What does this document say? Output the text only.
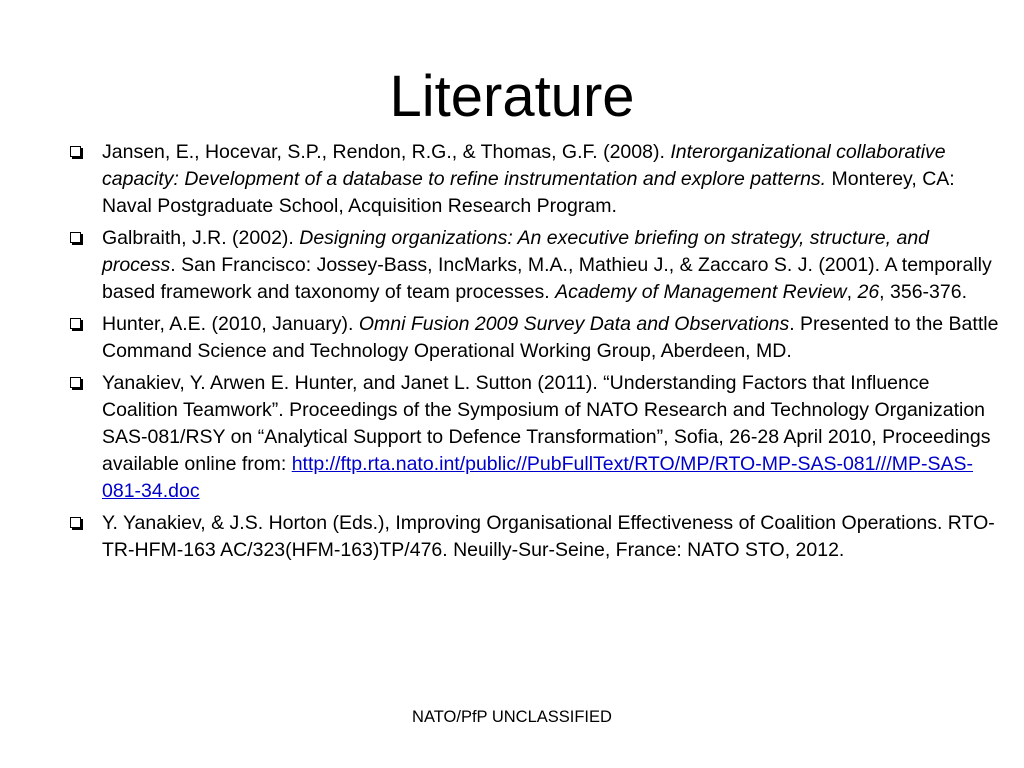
Literature
Jansen, E., Hocevar, S.P., Rendon, R.G., & Thomas, G.F. (2008). Interorganizational collaborative capacity: Development of a database to refine instrumentation and explore patterns. Monterey, CA: Naval Postgraduate School, Acquisition Research Program.
Galbraith, J.R. (2002). Designing organizations: An executive briefing on strategy, structure, and process. San Francisco: Jossey-Bass, IncMarks, M.A., Mathieu J., & Zaccaro S. J. (2001). A temporally based framework and taxonomy of team processes. Academy of Management Review, 26, 356-376.
Hunter, A.E. (2010, January). Omni Fusion 2009 Survey Data and Observations. Presented to the Battle Command Science and Technology Operational Working Group, Aberdeen, MD.
Yanakiev, Y. Arwen E. Hunter, and Janet L. Sutton (2011). “Understanding Factors that Influence Coalition Teamwork”. Proceedings of the Symposium of NATO Research and Technology Organization SAS-081/RSY on “Analytical Support to Defence Transformation”, Sofia, 26-28 April 2010, Proceedings available online from: http://ftp.rta.nato.int/public//PubFullText/RTO/MP/RTO-MP-SAS-081///MP-SAS-081-34.doc
Y. Yanakiev, & J.S. Horton (Eds.), Improving Organisational Effectiveness of Coalition Operations. RTO-TR-HFM-163 AC/323(HFM-163)TP/476. Neuilly-Sur-Seine, France: NATO STO, 2012.
NATO/PfP UNCLASSIFIED
